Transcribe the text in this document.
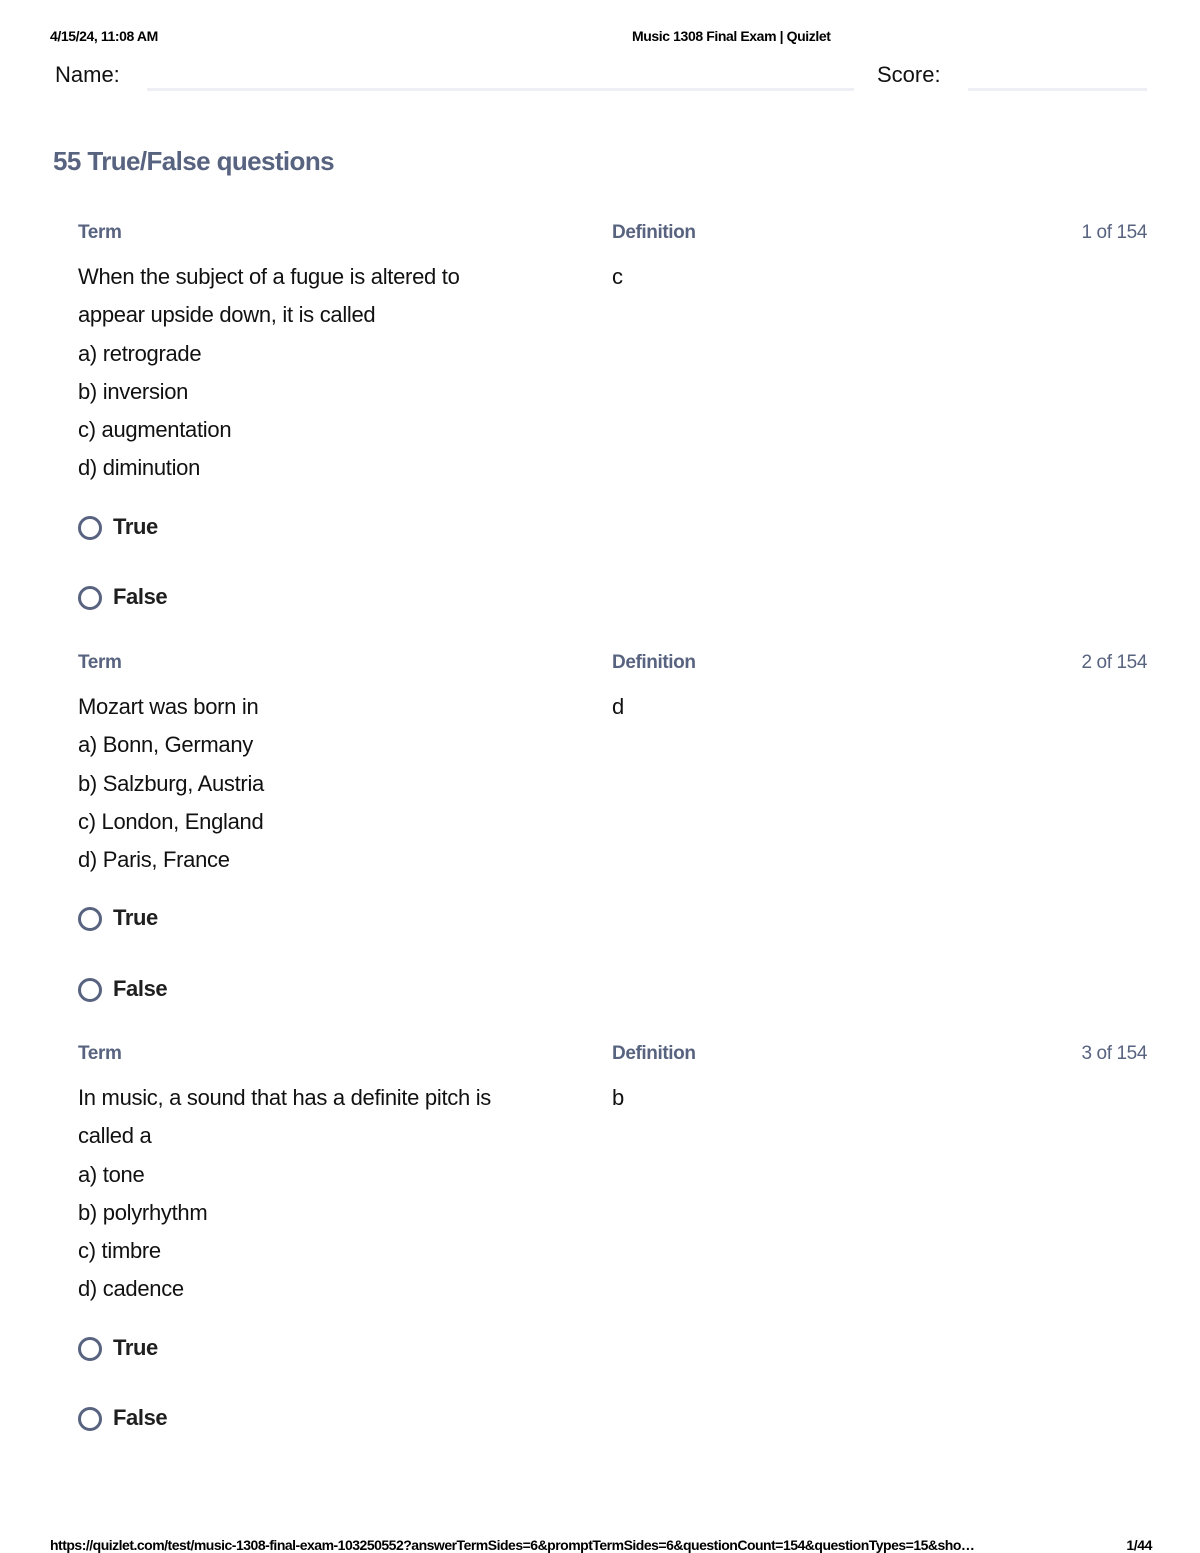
4/15/24, 11:08 AM	Music 1308 Final Exam | Quizlet
Name:	Score:
55 True/False questions
Term	Definition	1 of 154
When the subject of a fugue is altered to
appear upside down, it is called
a) retrograde
b) inversion
c) augmentation
d) diminution
c
True
False
Term	Definition	2 of 154
Mozart was born in
a) Bonn, Germany
b) Salzburg, Austria
c) London, England
d) Paris, France
d
True
False
Term	Definition	3 of 154
In music, a sound that has a definite pitch is
called a
a) tone
b) polyrhythm
c) timbre
d) cadence
b
True
False
https://quizlet.com/test/music-1308-final-exam-103250552?answerTermSides=6&promptTermSides=6&questionCount=154&questionTypes=15&sho…	1/44
